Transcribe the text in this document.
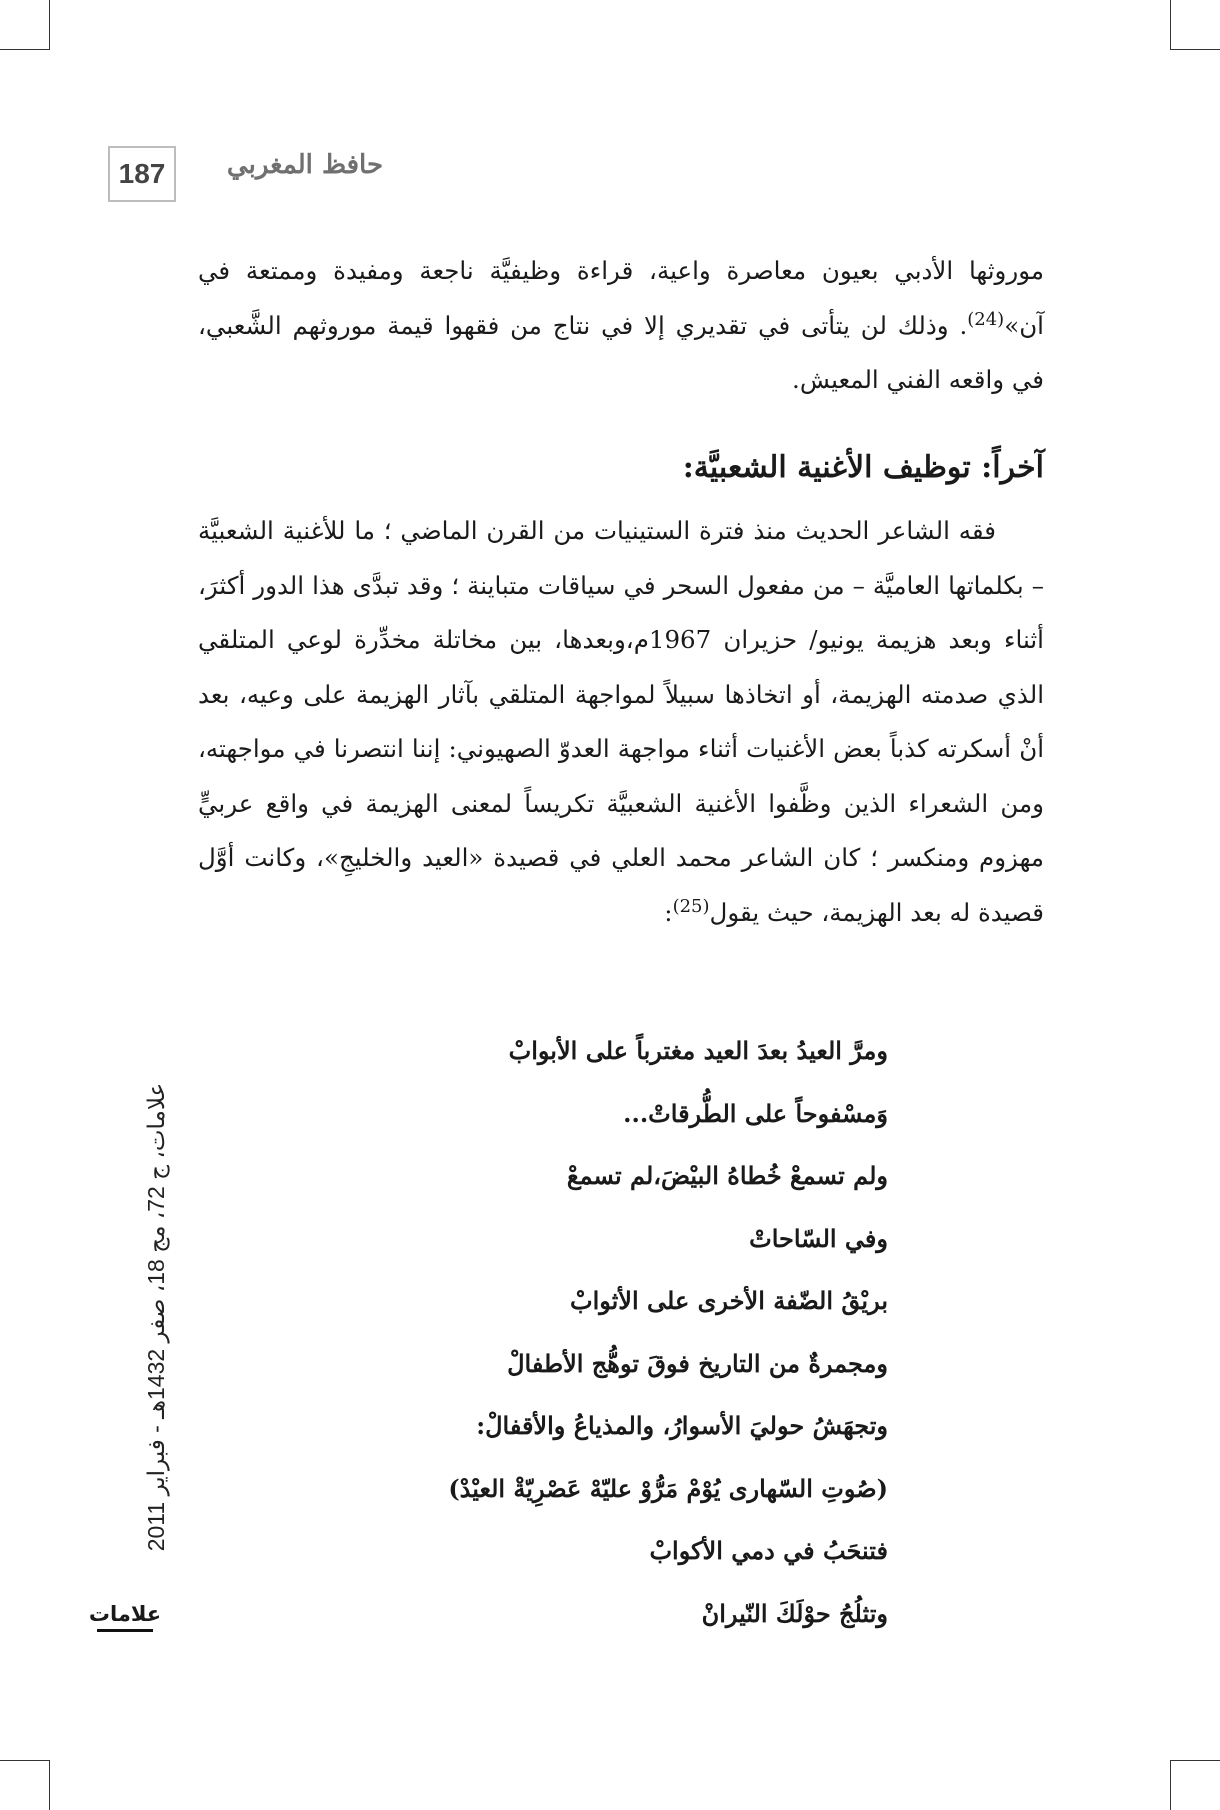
187	حافظ المغربي

موروثها الأدبي بعيون معاصرة واعية، قراءة وظيفيَّة ناجعة ومفيدة وممتعة في آن»$^{(24)}$. وذلك لن يتأتى في تقديري إلا في نتاج من فقهوا قيمة موروثهم الشَّعبي، في واقعه الفني المعيش.

آخراً: توظيف الأغنية الشعبيَّة:
فقه الشاعر الحديث منذ فترة الستينيات من القرن الماضي ؛ ما للأغنية الشعبيَّة – بكلماتها العاميَّة – من مفعول السحر في سياقات متباينة ؛ وقد تبدَّى هذا الدور أكثرَ، أثناء وبعد هزيمة يونيو/ حزيران 1967م،وبعدها، بين مخاتلة مخدِّرة لوعي المتلقي الذي صدمته الهزيمة، أو اتخاذها سبيلاً لمواجهة المتلقي بآثار الهزيمة على وعيه، بعد أنْ أسكرته كذباً بعض الأغنيات أثناء مواجهة العدوّ الصهيوني: إننا انتصرنا في مواجهته، ومن الشعراء الذين وظَّفوا الأغنية الشعبيَّة تكريساً لمعنى الهزيمة في واقع عربيٍّ مهزوم ومنكسر ؛ كان الشاعر محمد العلي في قصيدة «العيد والخليجِ»، وكانت أوَّل قصيدة له بعد الهزيمة، حيث يقول$^{(25)}$:
ومرَّ العيدُ بعدَ العيد مغترباً على الأبوابْ
وَمسْفوحاً على الطُّرقاتْ...
ولم تسمعْ خُطاهُ البيْضَ،لم تسمعْ
وفي السّاحاتْ
بريْقُ الضّفة الأخرى على الأثوابْ
ومجمرةٌ من التاريخ فوقَ توهُّج الأطفالْ
وتجهَشُ حوليَ الأسوارُ، والمذياعُ والأقفالْ:
(صُوتِ السّهارى يُوْمْ مَرُّوْ عليّهْ عَصْرِيّةْ العيْدْ)
فتنحَبُ في دمي الأكوابْ
وتثلُجُ حوْلَكَ النّيرانْ
علامات، ج 72، مج 18، صفر 1432هـ - فبراير 2011
علامات
